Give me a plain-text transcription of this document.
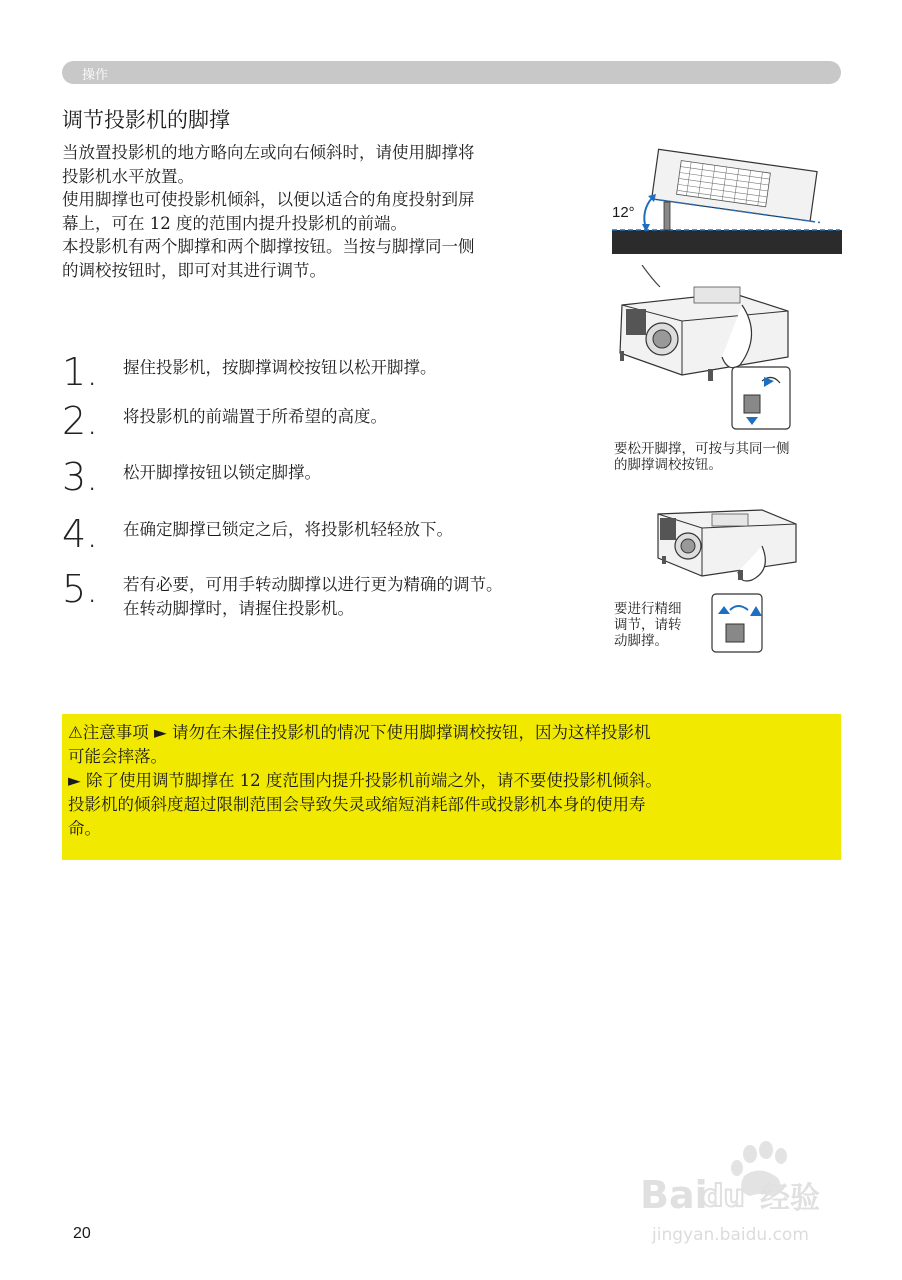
操作
调节投影机的脚撑

当放置投影机的地方略向左或向右倾斜时，请使用脚撑将

投影机水平放置。

使用脚撑也可使投影机倾斜，以便以适合的角度投射到屏

幕上，可在 12 度的范围内提升投影机的前端。

本投影机有两个脚撑和两个脚撑按钮。当按与脚撑同一侧

的调校按钮时，即可对其进行调节。

1. 握住投影机，按脚撑调校按钮以松开脚撑。
2. 将投影机的前端置于所希望的高度。
3. 松开脚撑按钮以锁定脚撑。
4. 在确定脚撑已锁定之后，将投影机轻轻放下。
5. 若有必要，可用手转动脚撑以进行更为精确的调节。
在转动脚撑时，请握住投影机。
12°
要松开脚撑，可按与其同一侧
的脚撑调校按钮。
要进行精细
调节，请转
动脚撑。

⚠注意事项 ► 请勿在未握住投影机的情况下使用脚撑调校按钮，因为这样投影机

可能会摔落。

► 除了使用调节脚撑在 12 度范围内提升投影机前端之外，请不要使投影机倾斜。

投影机的倾斜度超过限制范围会导致失灵或缩短消耗部件或投影机本身的使用寿

命。

20
Bai 经验
du
jingyan.baidu.com
